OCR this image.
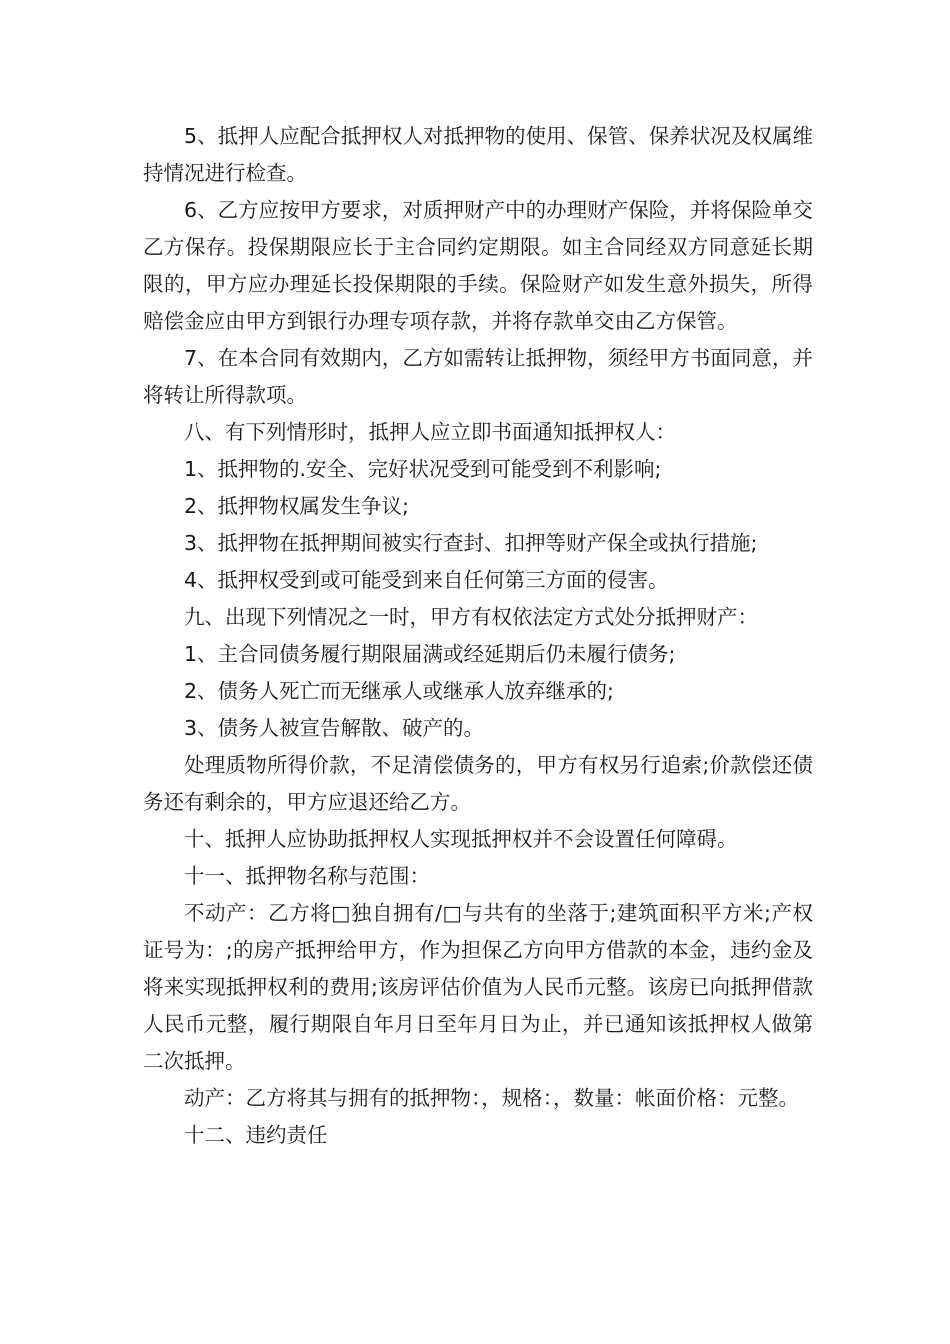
5、抵押人应配合抵押权人对抵押物的使用、保管、保养状况及权属维持情况进行检查。

6、乙方应按甲方要求，对质押财产中的办理财产保险，并将保险单交乙方保存。投保期限应长于主合同约定期限。如主合同经双方同意延长期限的，甲方应办理延长投保期限的手续。保险财产如发生意外损失，所得赔偿金应由甲方到银行办理专项存款，并将存款单交由乙方保管。

7、在本合同有效期内，乙方如需转让抵押物，须经甲方书面同意，并将转让所得款项。

八、有下列情形时，抵押人应立即书面通知抵押权人：

1、抵押物的.安全、完好状况受到可能受到不利影响;

2、抵押物权属发生争议;

3、抵押物在抵押期间被实行查封、扣押等财产保全或执行措施;

4、抵押权受到或可能受到来自任何第三方面的侵害。

九、出现下列情况之一时，甲方有权依法定方式处分抵押财产：

1、主合同债务履行期限届满或经延期后仍未履行债务;

2、债务人死亡而无继承人或继承人放弃继承的;

3、债务人被宣告解散、破产的。

处理质物所得价款，不足清偿债务的，甲方有权另行追索;价款偿还债务还有剩余的，甲方应退还给乙方。

十、抵押人应协助抵押权人实现抵押权并不会设置任何障碍。

十一、抵押物名称与范围：

不动产：乙方将□独自拥有/□与共有的坐落于;建筑面积平方米;产权证号为：;的房产抵押给甲方，作为担保乙方向甲方借款的本金，违约金及将来实现抵押权利的费用;该房评估价值为人民币元整。该房已向抵押借款人民币元整，履行期限自年月日至年月日为止，并已通知该抵押权人做第二次抵押。

动产：乙方将其与拥有的抵押物：，规格：，数量：帐面价格：元整。

十二、违约责任
